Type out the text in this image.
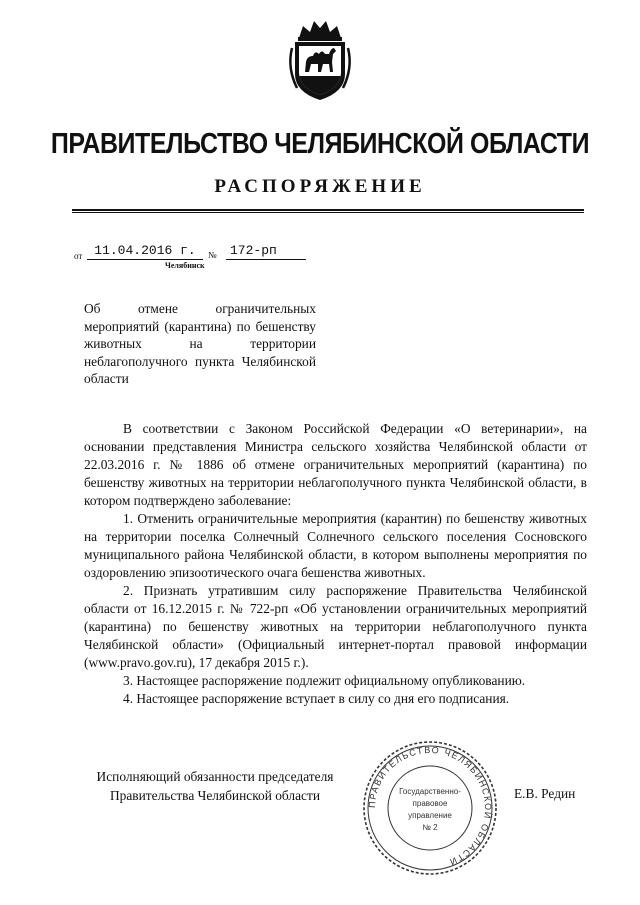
ПРАВИТЕЛЬСТВО ЧЕЛЯБИНСКОЙ ОБЛАСТИ
РАСПОРЯЖЕНИЕ
от 11.04.2016 г.	№	172-рп
Челябинск
Об отмене ограничительных мероприятий (карантина) по бешенству животных на территории неблагополучного пункта Челябинской области

В соответствии с Законом Российской Федерации «О ветеринарии», на основании представления Министра сельского хозяйства Челябинской области от 22.03.2016 г. № 1886 об отмене ограничительных мероприятий (карантина) по бешенству животных на территории неблагополучного пункта Челябинской области, в котором подтверждено заболевание:

1. Отменить ограничительные мероприятия (карантин) по бешенству животных на территории поселка Солнечный Солнечного сельского поселения Сосновского муниципального района Челябинской области, в котором выполнены мероприятия по оздоровлению эпизоотического очага бешенства животных.

2. Признать утратившим силу распоряжение Правительства Челябинской области от 16.12.2015 г. № 722-рп «Об установлении ограничительных мероприятий (карантина) по бешенству животных на территории неблагополучного пункта Челябинской области» (Официальный интернет-портал правовой информации (www.pravo.gov.ru), 17 декабря 2015 г.).

3. Настоящее распоряжение подлежит официальному опубликованию.

4. Настоящее распоряжение вступает в силу со дня его подписания.

Исполняющий обязанности председателя Правительства Челябинской области	Е.В. Редин
ПРАВИТЕЛЬСТВО ЧЕЛЯБИНСКОЙ ОБЛАСТИ
Государственно-
правовое
управление
№ 2
